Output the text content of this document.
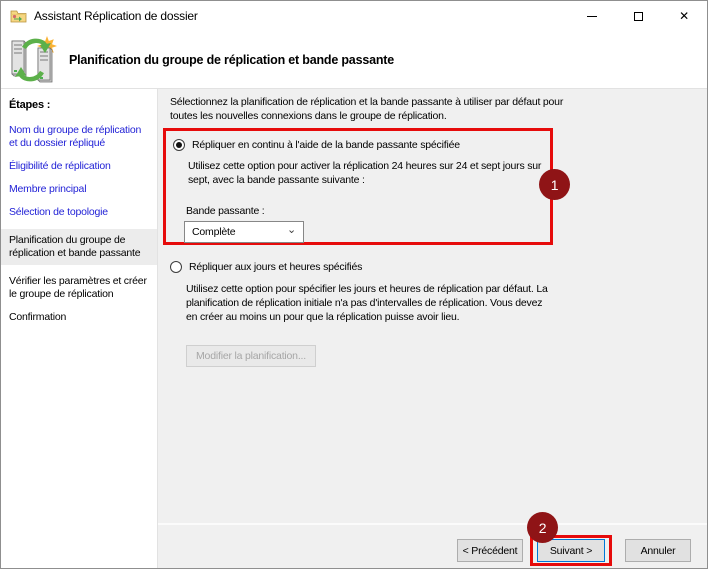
Assistant Réplication de dossier	✕
Planification du groupe de réplication et bande passante
Étapes :
Nom du groupe de réplication et du dossier répliqué
Éligibilité de réplication
Membre principal
Sélection de topologie
Planification du groupe de réplication et bande passante
Vérifier les paramètres et créer le groupe de réplication
Confirmation
Sélectionnez la planification de réplication et la bande passante à utiliser par défaut pour toutes les nouvelles connexions dans le groupe de réplication.
Répliquer en continu à l'aide de la bande passante spécifiée
Utilisez cette option pour activer la réplication 24 heures sur 24 et sept jours sur sept, avec la bande passante suivante :
Bande passante :
Complète	⌄
1
Répliquer aux jours et heures spécifiés
Utilisez cette option pour spécifier les jours et heures de réplication par défaut. La planification de réplication initiale n'a pas d'intervalles de réplication. Vous devez en créer au moins un pour que la réplication puisse avoir lieu.
Modifier la planification...
< Précédent	Suivant >
2
Annuler
